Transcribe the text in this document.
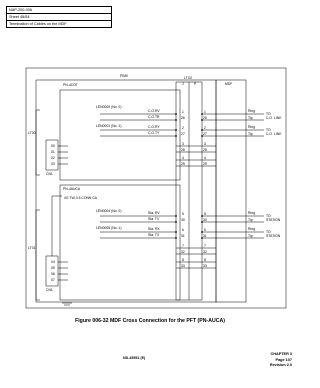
NAP-200-006
Sheet 48/54
Termination of Cables on the MDF
PIM0	LTC0
J	P	MDF
PN-4COT
PN-4AUCA
4G TW-0.5 CONN CA
LT00
LT01
CN1
CN1
00
01
02
03
04
05
06
07
LEN0000 (No. 0)
LEN0001 (No. 1)
C.O.RV
C.O.TR
C.O.RY
C.O.TY
1
26
2
27
3
28
4
29
1
26
2
27
3
28
4
29
Ring
Tip
Ring
Tip
TO
C.O. LINE
TO
C.O. LINE
LEN0004 (No. 0)
LEN0005 (No. 1)
Sta. RV
Sta. TV
Sta. RX
Sta. TX
5
30
6
31
7
32
8
33
5
30
6
31
7
32
8
33
Ring
Tip
Ring
Tip
TO
STATION
TO
STATION
Figure 006-32 MDF Cross Connection for the PFT (PN-AUCA)
ND-45551 (E)
CHAPTER 3
Page 107
Revision 2.0
